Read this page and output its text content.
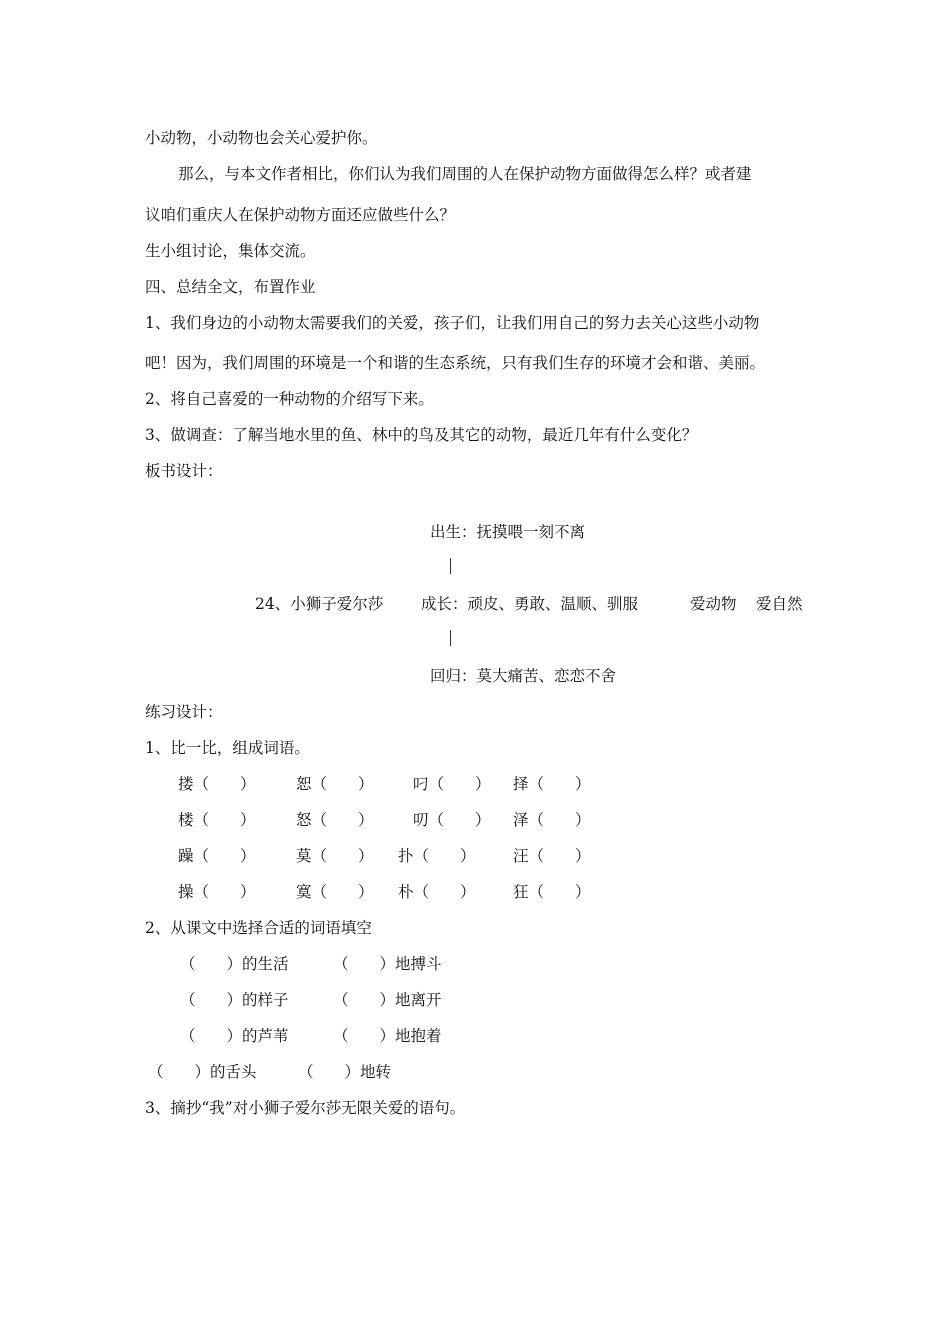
小动物，小动物也会关心爱护你。
那么，与本文作者相比，你们认为我们周围的人在保护动物方面做得怎么样？或者建
议咱们重庆人在保护动物方面还应做些什么？
生小组讨论，集体交流。
四、总结全文，布置作业
1、我们身边的小动物太需要我们的关爱，孩子们，让我们用自己的努力去关心这些小动物
吧！因为，我们周围的环境是一个和谐的生态系统，只有我们生存的环境才会和谐、美丽。
2、将自己喜爱的一种动物的介绍写下来。
3、做调查：了解当地水里的鱼、林中的鸟及其它的动物，最近几年有什么变化？
板书设计：
出生：抚摸喂一刻不离
24、小狮子爱尔莎 成长：顽皮、勇敢、温顺、驯服	爱动物 爱自然
回归：莫大痛苦、恋恋不舍
练习设计：
1、比一比，组成词语。
搂（　　）	恕（　　）	叼（　　） 择（　　）
楼（　　）	怒（　　）	叨（　　） 泽（　　）
躁（　　）	莫（　　） 扑（　　） 汪（　　）
操（　　）	寞（　　） 朴（　　） 狂（　　）
2、从课文中选择合适的词语填空
（　　）的生活	（　　）地搏斗
（　　）的样子	（　　）地离开
（　　）的芦苇	（　　）地抱着
（　　）的舌头	（　　）地转
3、摘抄“我”对小狮子爱尔莎无限关爱的语句。
